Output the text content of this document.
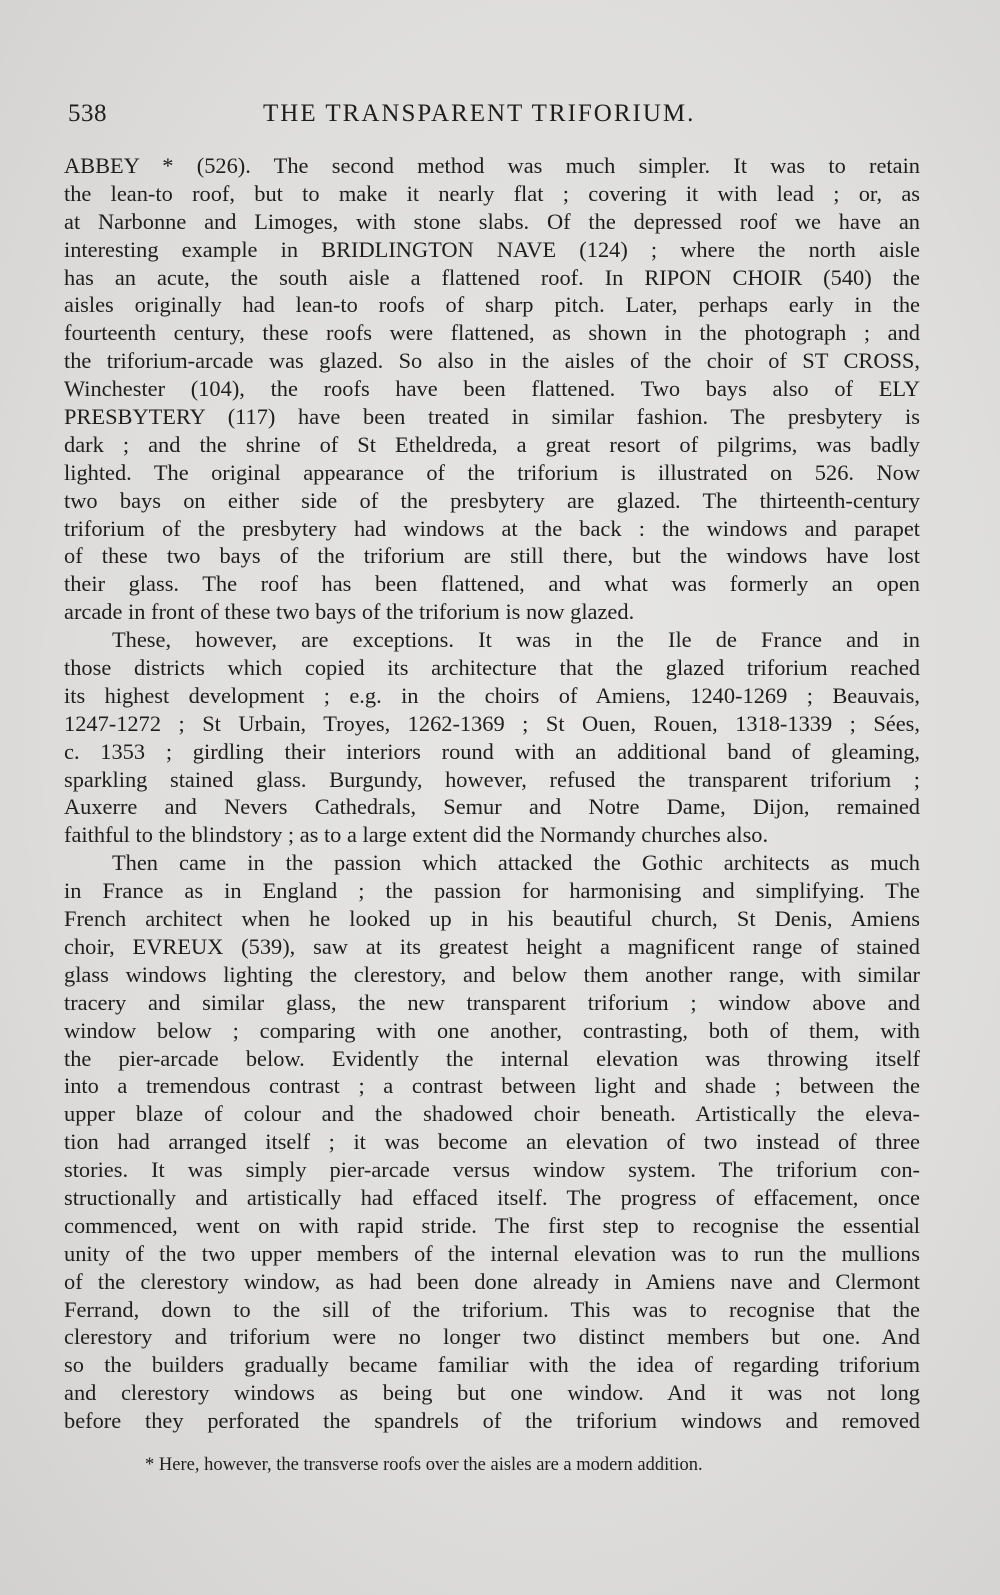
538	THE TRANSPARENT TRIFORIUM.
ABBEY * (526). The second method was much simpler. It was to retain
the lean-to roof, but to make it nearly flat ; covering it with lead ; or, as
at Narbonne and Limoges, with stone slabs. Of the depressed roof we have an
interesting example in BRIDLINGTON NAVE (124) ; where the north aisle
has an acute, the south aisle a flattened roof. In RIPON CHOIR (540) the
aisles originally had lean-to roofs of sharp pitch. Later, perhaps early in the
fourteenth century, these roofs were flattened, as shown in the photograph ; and
the triforium-arcade was glazed. So also in the aisles of the choir of ST CROSS,
Winchester (104), the roofs have been flattened. Two bays also of ELY
PRESBYTERY (117) have been treated in similar fashion. The presbytery is
dark ; and the shrine of St Etheldreda, a great resort of pilgrims, was badly
lighted. The original appearance of the triforium is illustrated on 526. Now
two bays on either side of the presbytery are glazed. The thirteenth-century
triforium of the presbytery had windows at the back : the windows and parapet
of these two bays of the triforium are still there, but the windows have lost
their glass. The roof has been flattened, and what was formerly an open
arcade in front of these two bays of the triforium is now glazed.
These, however, are exceptions. It was in the Ile de France and in
those districts which copied its architecture that the glazed triforium reached
its highest development ; e.g. in the choirs of Amiens, 1240-1269 ; Beauvais,
1247-1272 ; St Urbain, Troyes, 1262-1369 ; St Ouen, Rouen, 1318-1339 ; Sées,
c. 1353 ; girdling their interiors round with an additional band of gleaming,
sparkling stained glass. Burgundy, however, refused the transparent triforium ;
Auxerre and Nevers Cathedrals, Semur and Notre Dame, Dijon, remained
faithful to the blindstory ; as to a large extent did the Normandy churches also.
Then came in the passion which attacked the Gothic architects as much
in France as in England ; the passion for harmonising and simplifying. The
French architect when he looked up in his beautiful church, St Denis, Amiens
choir, EVREUX (539), saw at its greatest height a magnificent range of stained
glass windows lighting the clerestory, and below them another range, with similar
tracery and similar glass, the new transparent triforium ; window above and
window below ; comparing with one another, contrasting, both of them, with
the pier-arcade below. Evidently the internal elevation was throwing itself
into a tremendous contrast ; a contrast between light and shade ; between the
upper blaze of colour and the shadowed choir beneath. Artistically the eleva-
tion had arranged itself ; it was become an elevation of two instead of three
stories. It was simply pier-arcade versus window system. The triforium con-
structionally and artistically had effaced itself. The progress of effacement, once
commenced, went on with rapid stride. The first step to recognise the essential
unity of the two upper members of the internal elevation was to run the mullions
of the clerestory window, as had been done already in Amiens nave and Clermont
Ferrand, down to the sill of the triforium. This was to recognise that the
clerestory and triforium were no longer two distinct members but one. And
so the builders gradually became familiar with the idea of regarding triforium
and clerestory windows as being but one window. And it was not long
before they perforated the spandrels of the triforium windows and removed
* Here, however, the transverse roofs over the aisles are a modern addition.
